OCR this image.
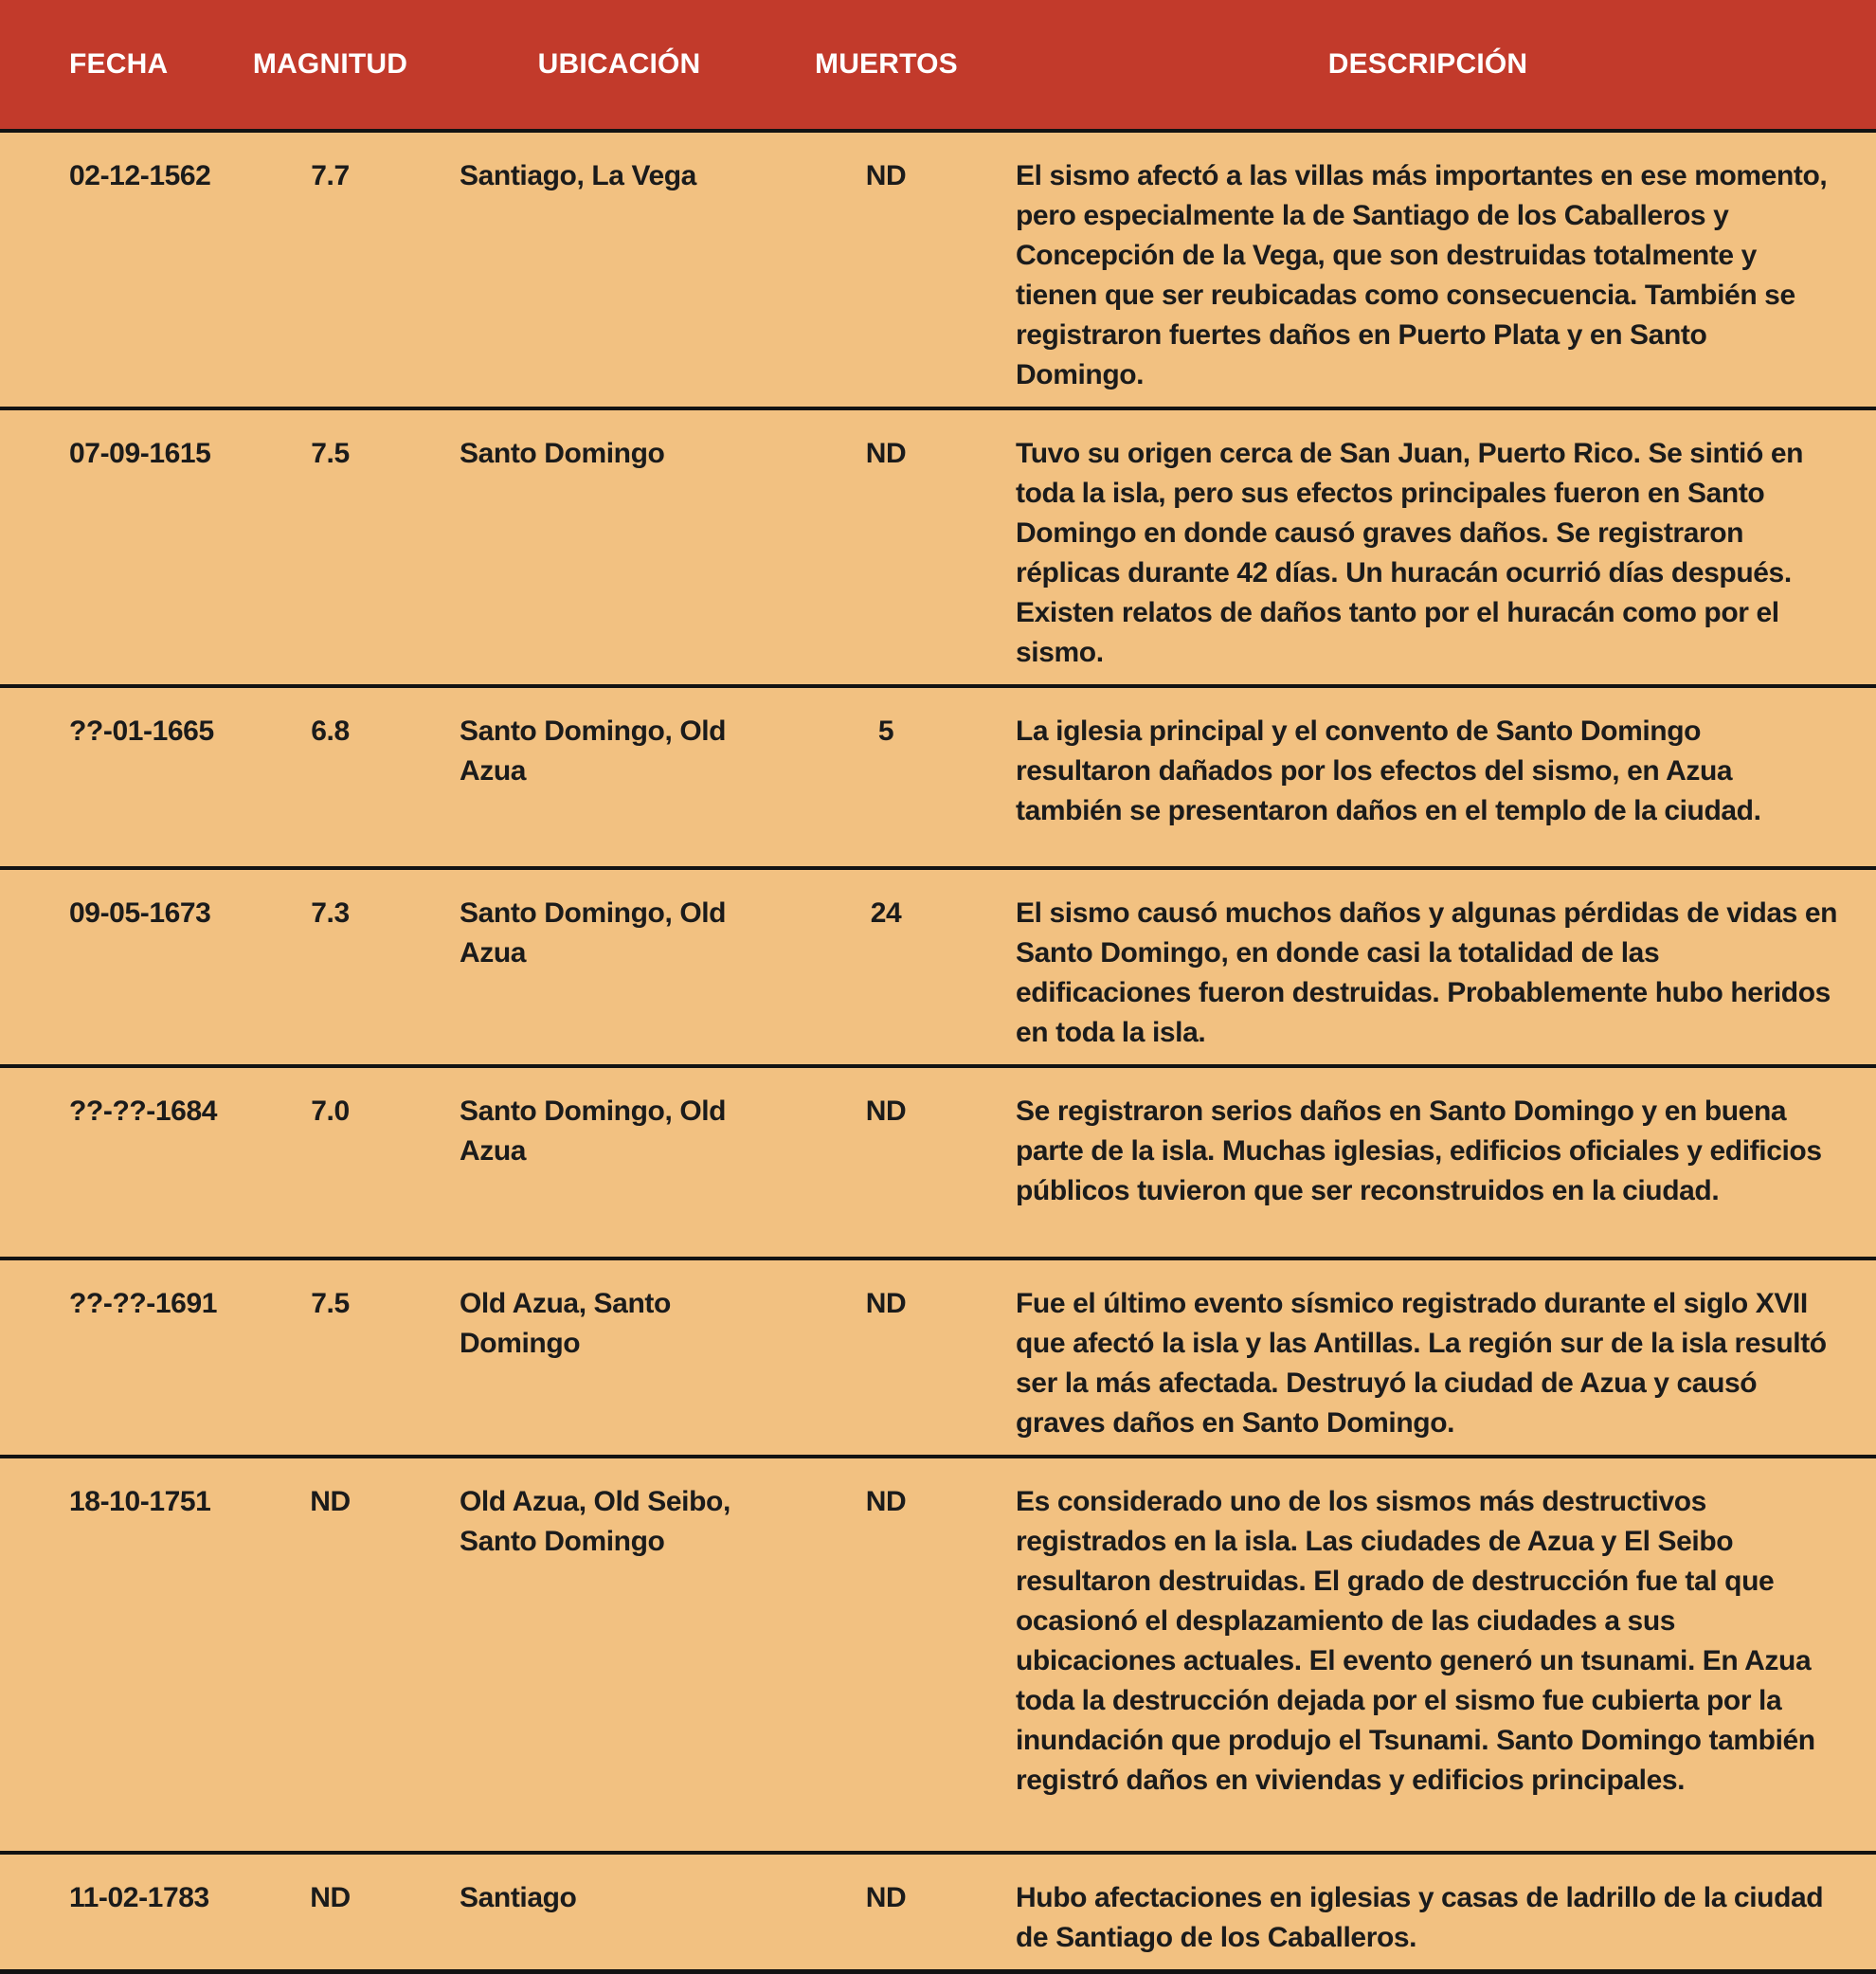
FECHA	MAGNITUD	UBICACIÓN	MUERTOS	DESCRIPCIÓN
02-12-1562	7.7	Santiago, La Vega	ND	El sismo afectó a las villas más importantes en ese momento, pero especialmente la de Santiago de los Caballeros y Concepción de la Vega, que son destruidas totalmente y tienen que ser reubicadas como consecuencia. También se registraron fuertes daños en Puerto Plata y en Santo Domingo.
07-09-1615	7.5	Santo Domingo	ND	Tuvo su origen cerca de San Juan, Puerto Rico. Se sintió en toda la isla, pero sus efectos principales fueron en Santo Domingo en donde causó graves daños. Se registraron réplicas durante 42 días. Un huracán ocurrió días después. Existen relatos de daños tanto por el huracán como por el sismo.
??-01-1665	6.8	Santo Domingo, Old Azua	5	La iglesia principal y el convento de Santo Domingo resultaron dañados por los efectos del sismo, en Azua también se presentaron daños en el templo de la ciudad.
09-05-1673	7.3	Santo Domingo, Old Azua	24	El sismo causó muchos daños y algunas pérdidas de vidas en Santo Domingo, en donde casi la totalidad de las edificaciones fueron destruidas. Probablemente hubo heridos en toda la isla.
??-??-1684	7.0	Santo Domingo, Old Azua	ND	Se registraron serios daños en Santo Domingo y en buena parte de la isla. Muchas iglesias, edificios oficiales y edificios públicos tuvieron que ser reconstruidos en la ciudad.
??-??-1691	7.5	Old Azua, Santo Domingo	ND	Fue el último evento sísmico registrado durante el siglo XVII que afectó la isla y las Antillas. La región sur de la isla resultó ser la más afectada. Destruyó la ciudad de Azua y causó graves daños en Santo Domingo.
18-10-1751	ND	Old Azua, Old Seibo, Santo Domingo	ND	Es considerado uno de los sismos más destructivos registrados en la isla. Las ciudades de Azua y El Seibo resultaron destruidas. El grado de destrucción fue tal que ocasionó el desplazamiento de las ciudades a sus ubicaciones actuales. El evento generó un tsunami. En Azua toda la destrucción dejada por el sismo fue cubierta por la inundación que produjo el Tsunami. Santo Domingo también registró daños en viviendas y edificios principales.
11-02-1783	ND	Santiago	ND	Hubo afectaciones en iglesias y casas de ladrillo de la ciudad de Santiago de los Caballeros.
